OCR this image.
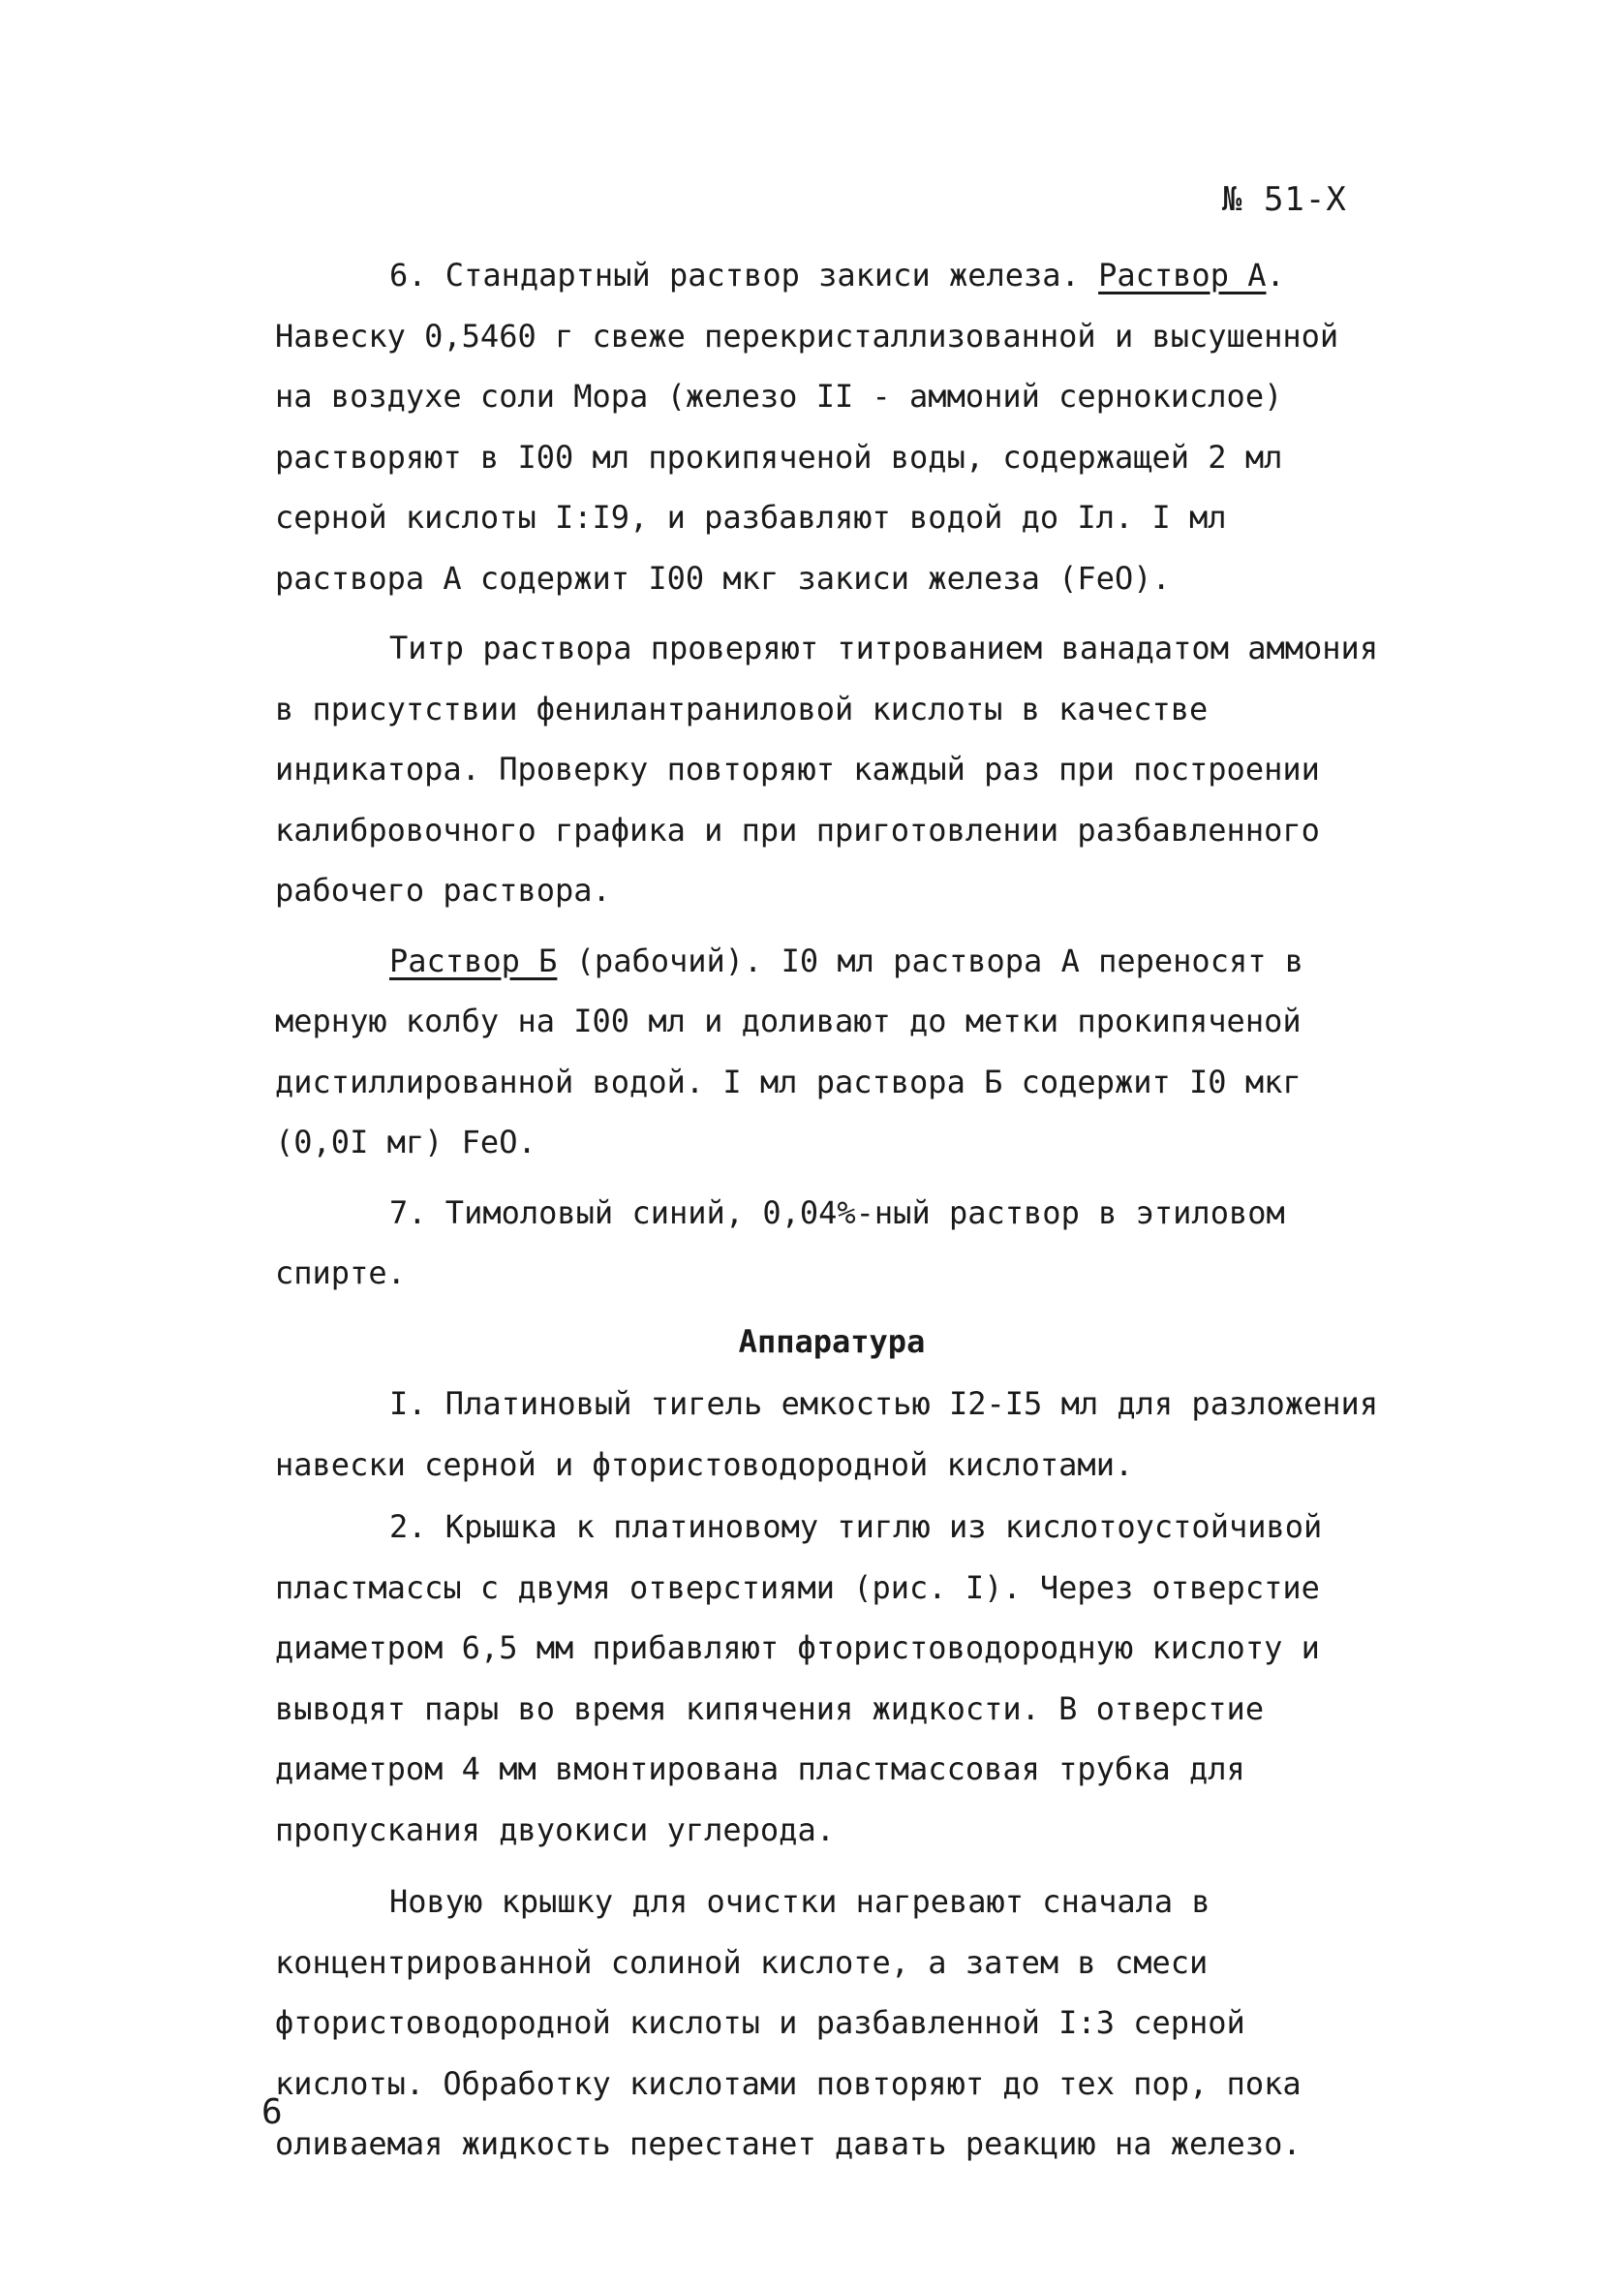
№ 51-Х

6. Стандартный раствор закиси железа. Раствор А. Навеску 0,5460 г свеже перекристаллизованной и высушенной на воздухе соли Мора (железо II - аммоний сернокислое) растворяют в I00 мл прокипяченой воды, содержащей 2 мл серной кислоты I:I9, и разбавляют водой до Iл. I мл раствора А содержит I00 мкг закиси железа (FeO).

Титр раствора проверяют титрованием ванадатом аммония в присутствии фенилантраниловой кислоты в качестве индикатора. Проверку повторяют каждый раз при построении калибровочного графика и при приготовлении разбавленного рабочего раствора.

Раствор Б (рабочий). I0 мл раствора А переносят в мерную колбу на I00 мл и доливают до метки прокипяченой дистиллированной водой. I мл раствора Б содержит I0 мкг (0,0I мг) FeO.

7. Тимоловый синий, 0,04%-ный раствор в этиловом спирте.

Аппаратура

I. Платиновый тигель емкостью I2-I5 мл для разложения навески серной и фтористоводородной кислотами.

2. Крышка к платиновому тиглю из кислотоустойчивой пластмассы с двумя отверстиями (рис. I). Через отверстие диаметром 6,5 мм прибавляют фтористоводородную кислоту и выводят пары во время кипячения жидкости. В отверстие диаметром 4 мм вмонтирована пластмассовая трубка для пропускания двуокиси углерода.

Новую крышку для очистки нагревают сначала в концентрированной солиной кислоте, а затем в смеси фтористоводородной кислоты и разбавленной I:3 серной кислоты. Обработку кислотами повторяют до тех пор, пока оливаемая жидкость перестанет давать реакцию на железо.

6
